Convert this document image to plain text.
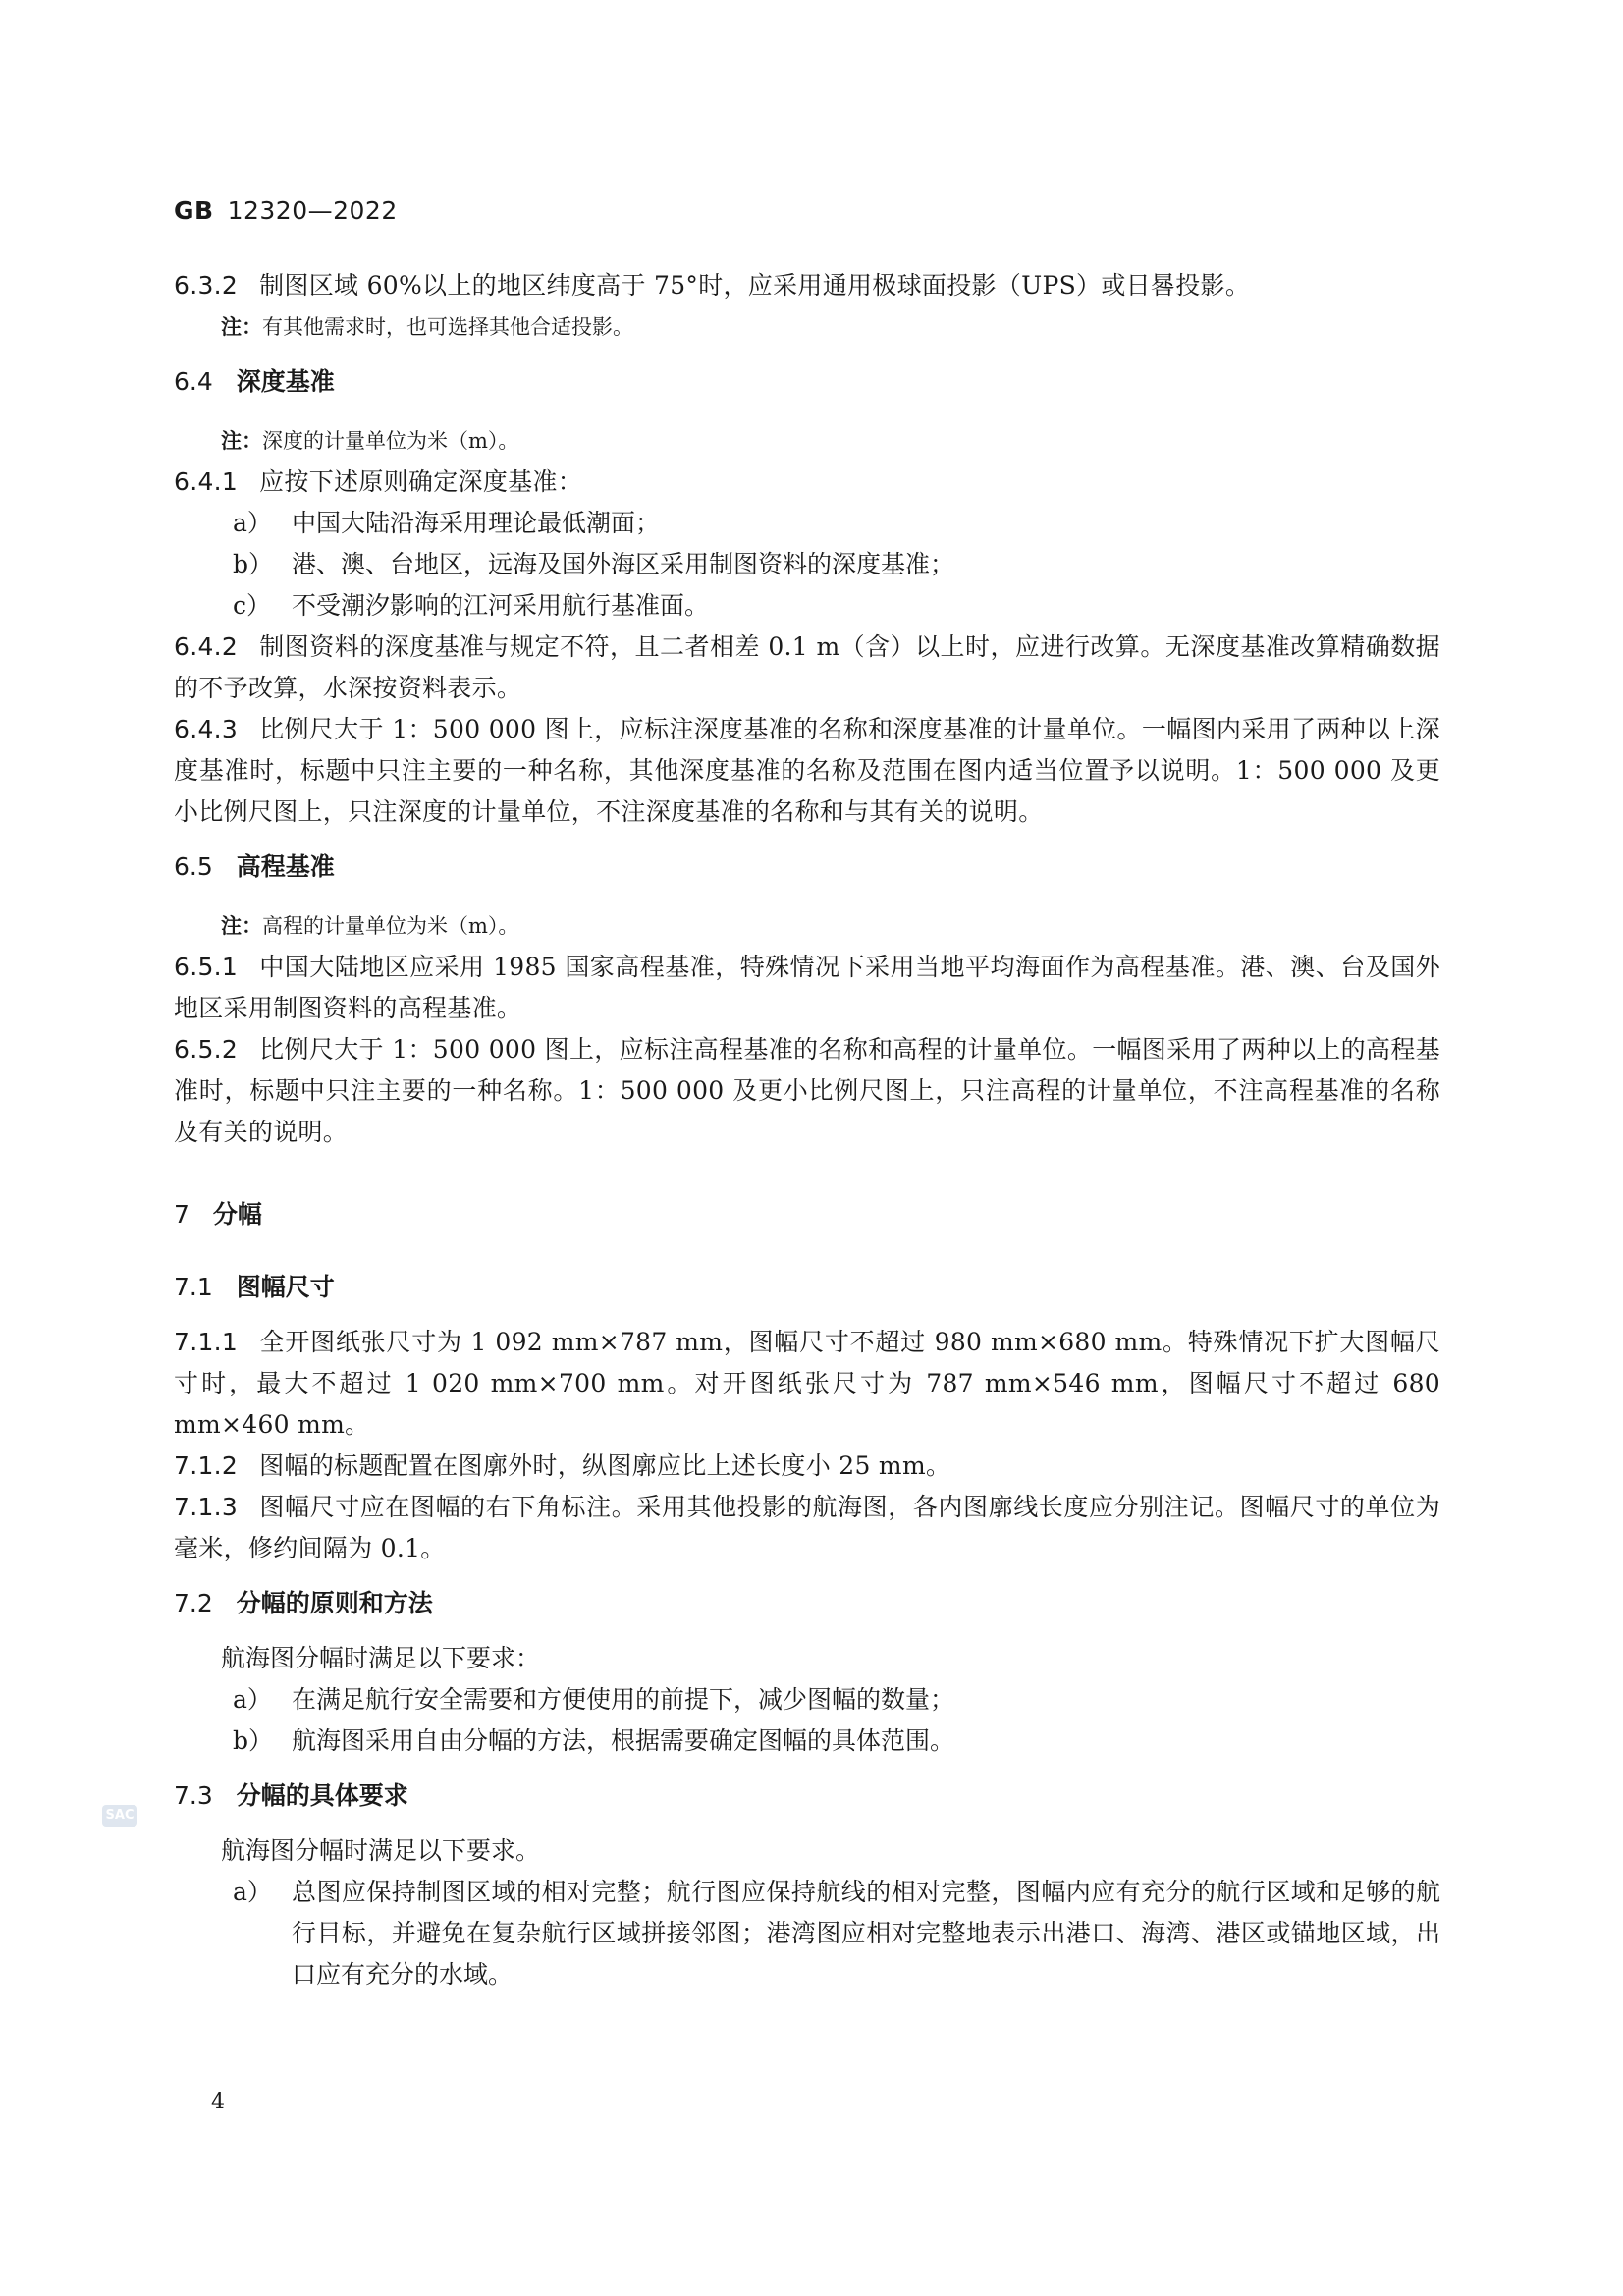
GB 12320—2022

6.3.2 制图区域 60%以上的地区纬度高于 75°时，应采用通用极球面投影（UPS）或日晷投影。

注：有其他需求时，也可选择其他合适投影。

6.4 深度基准

注：深度的计量单位为米（m）。

6.4.1 应按下述原则确定深度基准：

a） 中国大陆沿海采用理论最低潮面；

b） 港、澳、台地区，远海及国外海区采用制图资料的深度基准；

c） 不受潮汐影响的江河采用航行基准面。

6.4.2 制图资料的深度基准与规定不符，且二者相差 0.1 m（含）以上时，应进行改算。无深度基准改算精确数据的不予改算，水深按资料表示。

6.4.3 比例尺大于 1：500 000 图上，应标注深度基准的名称和深度基准的计量单位。一幅图内采用了两种以上深度基准时，标题中只注主要的一种名称，其他深度基准的名称及范围在图内适当位置予以说明。1：500 000 及更小比例尺图上，只注深度的计量单位，不注深度基准的名称和与其有关的说明。

6.5 高程基准

注：高程的计量单位为米（m）。

6.5.1 中国大陆地区应采用 1985 国家高程基准，特殊情况下采用当地平均海面作为高程基准。港、澳、台及国外地区采用制图资料的高程基准。

6.5.2 比例尺大于 1：500 000 图上，应标注高程基准的名称和高程的计量单位。一幅图采用了两种以上的高程基准时，标题中只注主要的一种名称。1：500 000 及更小比例尺图上，只注高程的计量单位，不注高程基准的名称及有关的说明。

7 分幅

7.1 图幅尺寸

7.1.1 全开图纸张尺寸为 1 092 mm×787 mm，图幅尺寸不超过 980 mm×680 mm。特殊情况下扩大图幅尺寸时，最大不超过 1 020 mm×700 mm。对开图纸张尺寸为 787 mm×546 mm，图幅尺寸不超过 680 mm×460 mm。

7.1.2 图幅的标题配置在图廓外时，纵图廓应比上述长度小 25 mm。

7.1.3 图幅尺寸应在图幅的右下角标注。采用其他投影的航海图，各内图廓线长度应分别注记。图幅尺寸的单位为毫米，修约间隔为 0.1。

7.2 分幅的原则和方法

航海图分幅时满足以下要求：

a） 在满足航行安全需要和方便使用的前提下，减少图幅的数量；

b） 航海图采用自由分幅的方法，根据需要确定图幅的具体范围。

7.3 分幅的具体要求

航海图分幅时满足以下要求。

a） 总图应保持制图区域的相对完整；航行图应保持航线的相对完整，图幅内应有充分的航行区域和足够的航行目标，并避免在复杂航行区域拼接邻图；港湾图应相对完整地表示出港口、海湾、港区或锚地区域，出口应有充分的水域。

SAC
4
